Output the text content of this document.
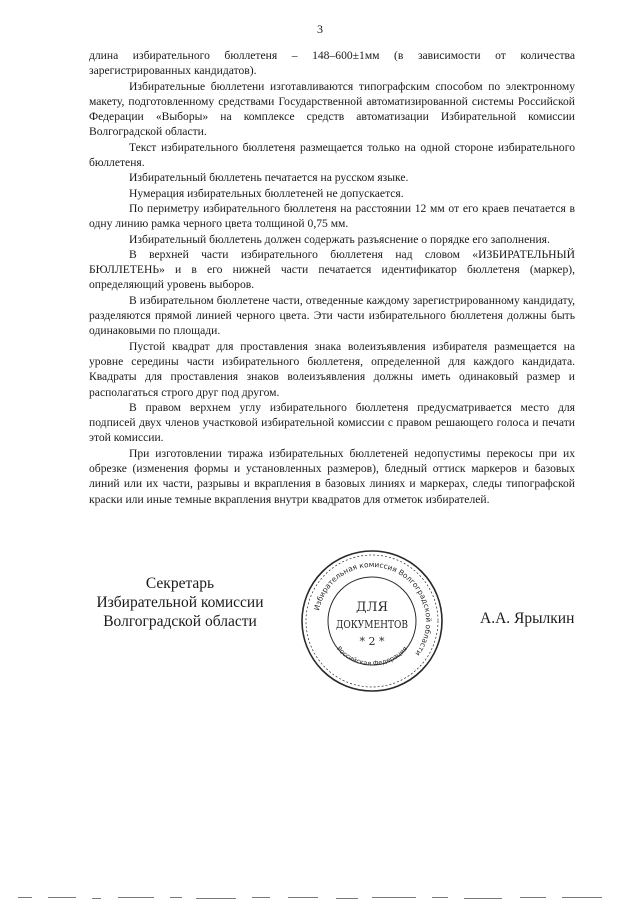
3

длина избирательного бюллетеня – 148–600±1мм (в зависимости от количества зарегистрированных кандидатов).

Избирательные бюллетени изготавливаются типографским способом по электронному макету, подготовленному средствами Государственной автоматизированной системы Российской Федерации «Выборы» на комплексе средств автоматизации Избирательной комиссии Волгоградской области.

Текст избирательного бюллетеня размещается только на одной стороне избирательного бюллетеня.

Избирательный бюллетень печатается на русском языке.

Нумерация избирательных бюллетеней не допускается.

По периметру избирательного бюллетеня на расстоянии 12 мм от его краев печатается в одну линию рамка черного цвета толщиной 0,75 мм.

Избирательный бюллетень должен содержать разъяснение о порядке его заполнения.

В верхней части избирательного бюллетеня над словом «ИЗБИРАТЕЛЬНЫЙ БЮЛЛЕТЕНЬ» и в его нижней части печатается идентификатор бюллетеня (маркер), определяющий уровень выборов.

В избирательном бюллетене части, отведенные каждому зарегистрированному кандидату, разделяются прямой линией черного цвета. Эти части избирательного бюллетеня должны быть одинаковыми по площади.

Пустой квадрат для проставления знака волеизъявления избирателя размещается на уровне середины части избирательного бюллетеня, определенной для каждого кандидата. Квадраты для проставления знаков волеизъявления должны иметь одинаковый размер и располагаться строго друг под другом.

В правом верхнем углу избирательного бюллетеня предусматривается место для подписей двух членов участковой избирательной комиссии с правом решающего голоса и печати этой комиссии.

При изготовлении тиража избирательных бюллетеней недопустимы перекосы при их обрезке (изменения формы и установленных размеров), бледный оттиск маркеров и базовых линий или их части, разрывы и вкрапления в базовых линиях и маркерах, следы типографской краски или иные темные вкрапления внутри квадратов для отметок избирателей.

Секретарь
Избирательной комиссии
Волгоградской области
Избирательная комиссия Волгоградской области
Российская Федерация
ДЛЯ
ДОКУМЕНТОВ
* 2 *
А.А. Ярылкин
